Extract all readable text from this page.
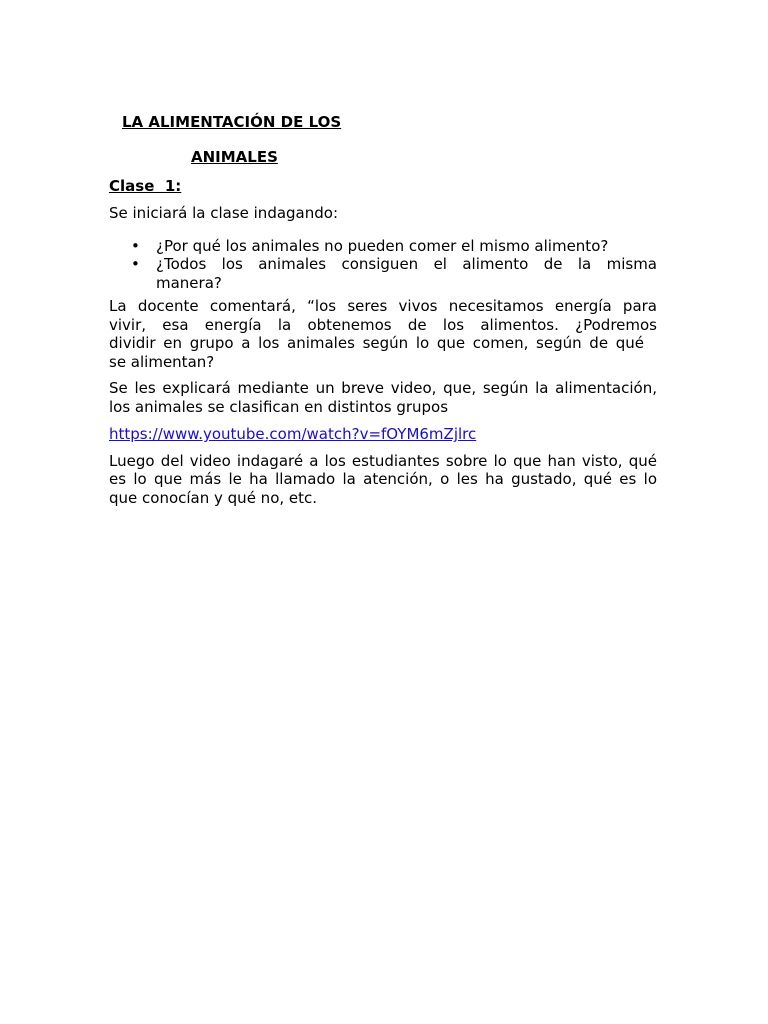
LA ALIMENTACIÓN DE LOS
ANIMALES
Clase  1:

Se iniciará la clase indagando:

• ¿Por qué los animales no pueden comer el mismo alimento?
• ¿Todos los animales consiguen el alimento de la misma
manera?
La docente comentará, “los seres vivos necesitamos energía para
vivir, esa energía la obtenemos de los alimentos. ¿Podremos
dividir en grupo a los animales según lo que comen, según de qué
se alimentan?
Se les explicará mediante un breve video, que, según la alimentación,
los animales se clasifican en distintos grupos
https://www.youtube.com/watch?v=fOYM6mZjlrc
Luego del video indagaré a los estudiantes sobre lo que han visto, qué
es lo que más le ha llamado la atención, o les ha gustado, qué es lo
que conocían y qué no, etc.
